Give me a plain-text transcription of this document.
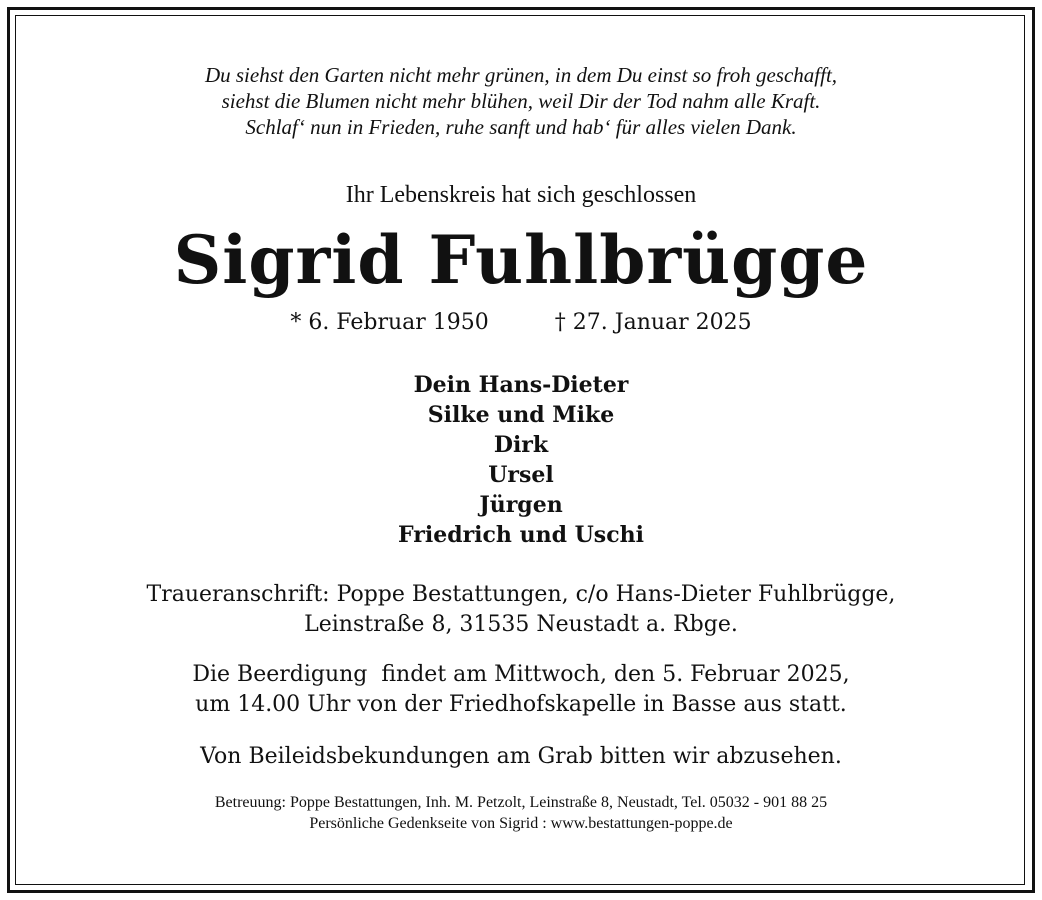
Du siehst den Garten nicht mehr grünen, in dem Du einst so froh geschafft,
siehst die Blumen nicht mehr blühen, weil Dir der Tod nahm alle Kraft.
Schlaf‘ nun in Frieden, ruhe sanft und hab‘ für alles vielen Dank.
Ihr Lebenskreis hat sich geschlossen
Sigrid Fuhlbrügge
* 6. Februar 1950	† 27. Januar 2025
Dein Hans-Dieter
Silke und Mike
Dirk
Ursel
Jürgen
Friedrich und Uschi
Traueranschrift: Poppe Bestattungen, c/o Hans-Dieter Fuhlbrügge,
Leinstraße 8, 31535 Neustadt a. Rbge.
Die Beerdigung  findet am Mittwoch, den 5. Februar 2025,
um 14.00 Uhr von der Friedhofskapelle in Basse aus statt.
Von Beileidsbekundungen am Grab bitten wir abzusehen.
Betreuung: Poppe Bestattungen, Inh. M. Petzolt, Leinstraße 8, Neustadt, Tel. 05032 - 901 88 25
Persönliche Gedenkseite von Sigrid : www.bestattungen-poppe.de
